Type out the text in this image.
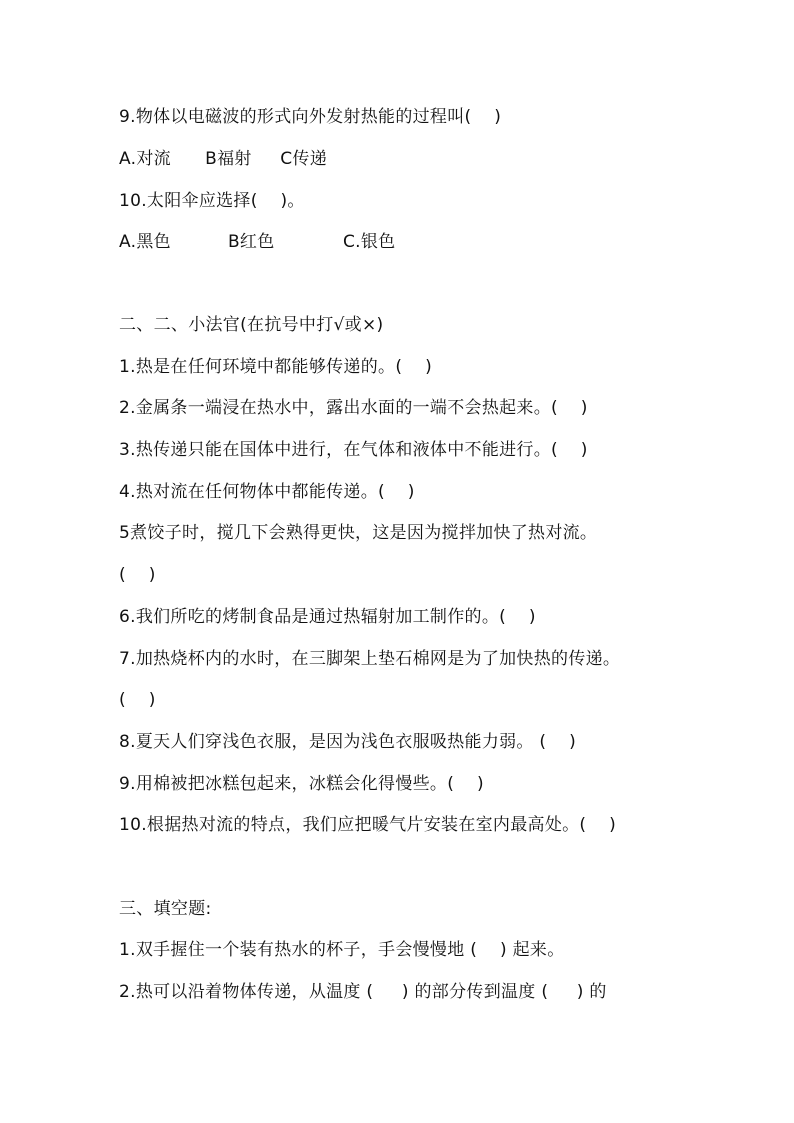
9.物体以电磁波的形式向外发射热能的过程叫(    )
A.对流      B福射     C传递
10.太阳伞应选择(    )。
A.黑色          B红色            C.银色
二、二、小法官(在抗号中打√或×)
1.热是在任何环境中都能够传递的。(    )
2.金属条一端浸在热水中，露出水面的一端不会热起来。(    )
3.热传递只能在国体中进行，在气体和液体中不能进行。(    )
4.热对流在任何物体中都能传递。(    )
5煮饺子时，搅几下会熟得更快，这是因为搅拌加快了热对流。
(    )
6.我们所吃的烤制食品是通过热辐射加工制作的。(    )
7.加热烧杯内的水时，在三脚架上垫石棉网是为了加快热的传递。
(    )
8.夏天人们穿浅色衣服，是因为浅色衣服吸热能力弱。 (    )
9.用棉被把冰糕包起来，冰糕会化得慢些。(    )
10.根据热对流的特点，我们应把暖气片安装在室内最高处。(    )
三、填空题:
1.双手握住一个装有热水的杯子，手会慢慢地 (    ) 起来。
2.热可以沿着物体传递，从温度 (     ) 的部分传到温度 (     ) 的
